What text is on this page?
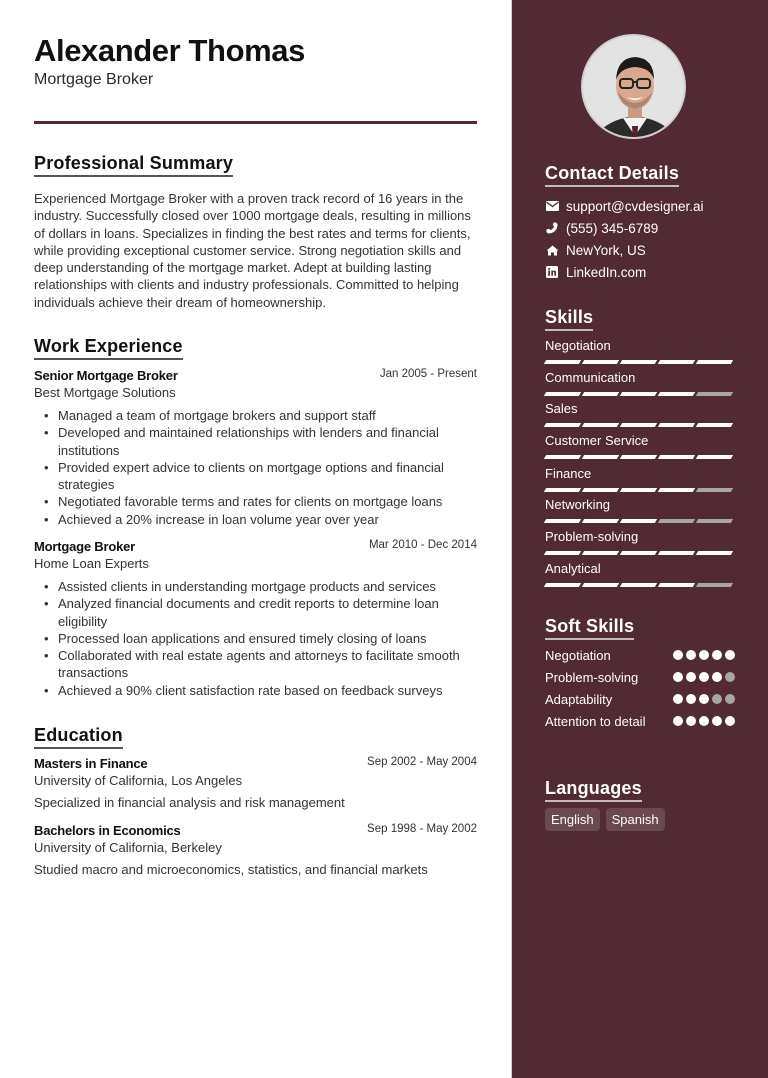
Alexander Thomas
Mortgage Broker
Professional Summary

Experienced Mortgage Broker with a proven track record of 16 years in the industry. Successfully closed over 1000 mortgage deals, resulting in millions of dollars in loans. Specializes in finding the best rates and terms for clients, while providing exceptional customer service. Strong negotiation skills and deep understanding of the mortgage market. Adept at building lasting relationships with clients and industry professionals. Committed to helping individuals achieve their dream of homeownership.

Work Experience
Senior Mortgage Broker	Jan 2005 - Present
Best Mortgage Solutions
• Managed a team of mortgage brokers and support staff
• Developed and maintained relationships with lenders and financial institutions
• Provided expert advice to clients on mortgage options and financial strategies
• Negotiated favorable terms and rates for clients on mortgage loans
• Achieved a 20% increase in loan volume year over year
Mortgage Broker	Mar 2010 - Dec 2014
Home Loan Experts
• Assisted clients in understanding mortgage products and services
• Analyzed financial documents and credit reports to determine loan eligibility
• Processed loan applications and ensured timely closing of loans
• Collaborated with real estate agents and attorneys to facilitate smooth transactions
• Achieved a 90% client satisfaction rate based on feedback surveys
Education
Masters in Finance	Sep 2002 - May 2004
University of California, Los Angeles
Specialized in financial analysis and risk management
Bachelors in Economics	Sep 1998 - May 2002
University of California, Berkeley
Studied macro and microeconomics, statistics, and financial markets
Contact Details
support@cvdesigner.ai
(555) 345-6789
NewYork, US
LinkedIn.com
Skills
Negotiation
Communication
Sales
Customer Service
Finance
Networking
Problem-solving
Analytical
Soft Skills
Negotiation
Problem-solving
Adaptability
Attention to detail
Languages
English	Spanish
